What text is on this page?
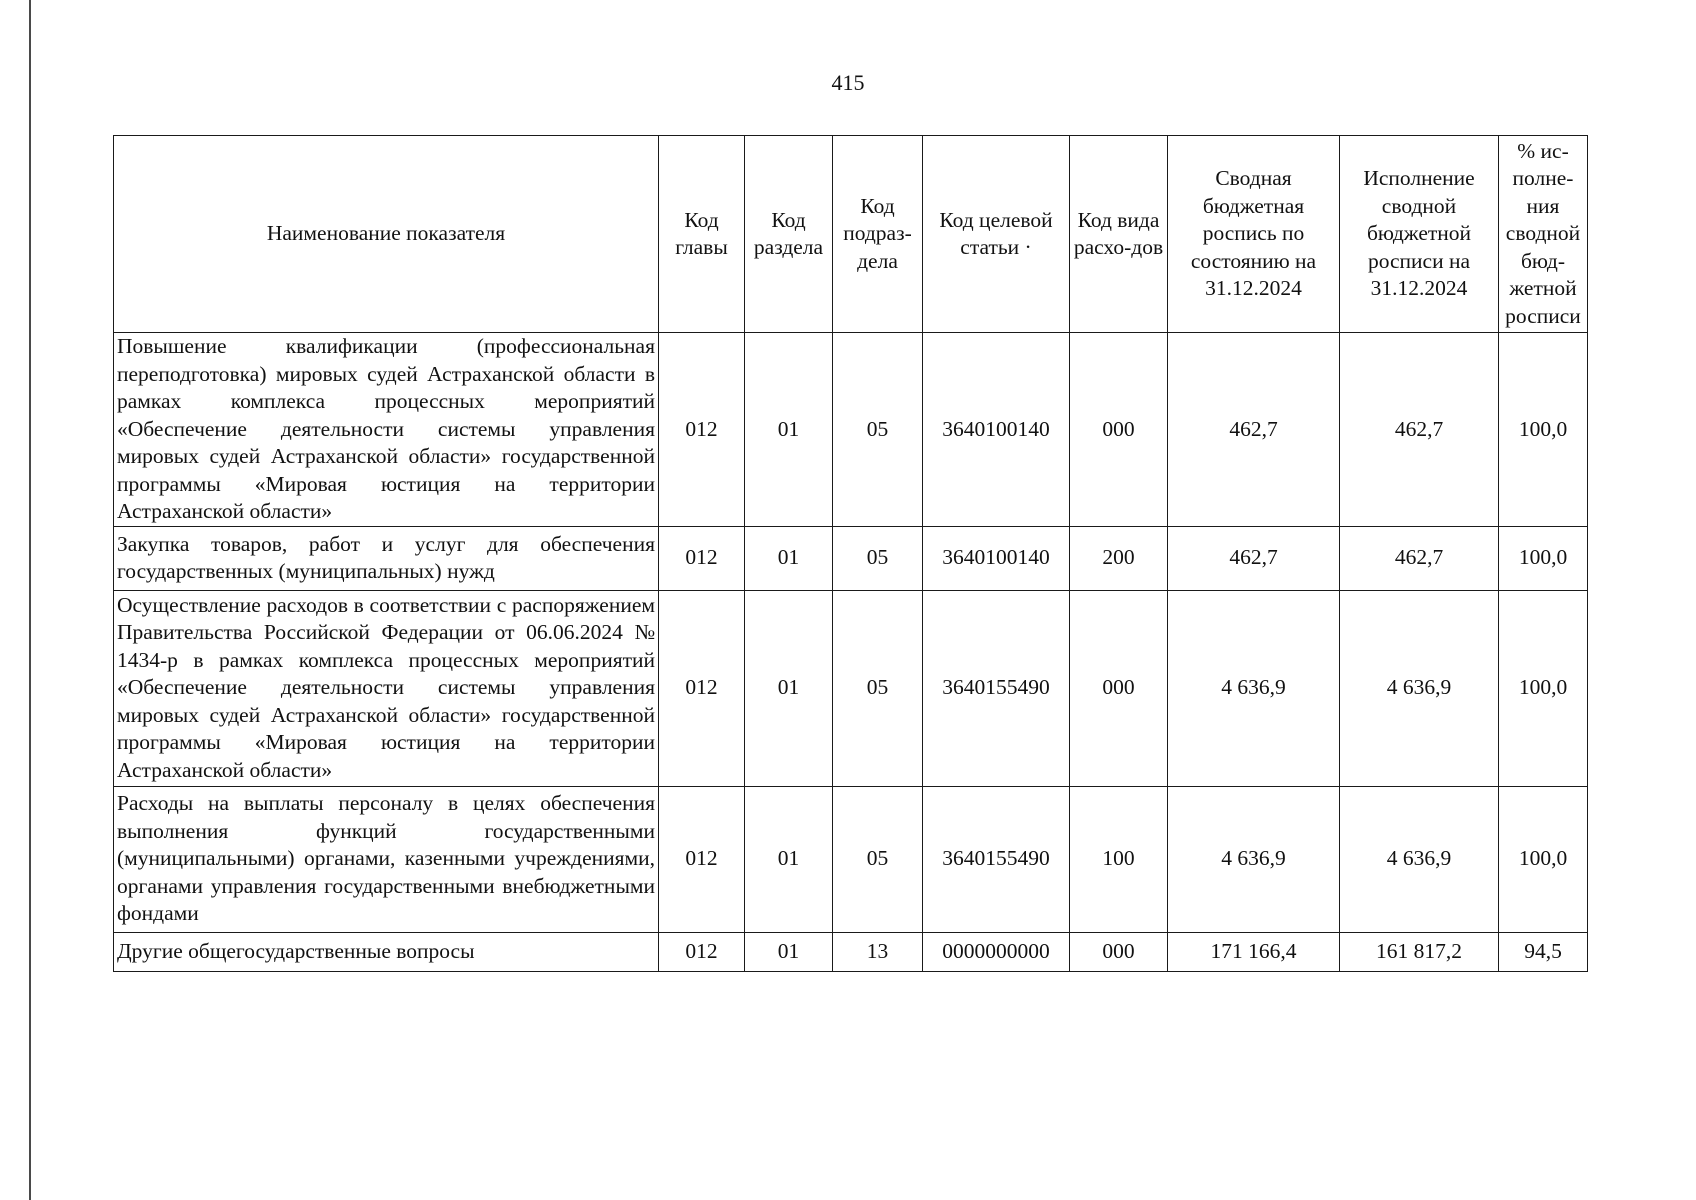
415
Наименование показателя	Код главы	Код раздела	Код подраз-дела	Код целевой статьи ·	Код вида расхо-дов	Сводная бюджетная роспись по состоянию на 31.12.2024	Исполнение сводной бюджетной росписи на 31.12.2024	% ис-полне-ния сводной бюд-жетной росписи
Повышение квалификации (профессиональная переподготовка) мировых судей Астраханской области в рамках комплекса процессных мероприятий «Обеспечение деятельности системы управления мировых судей Астраханской области» государственной программы «Мировая юстиция на территории Астраханской области»	012	01	05	3640100140	000	462,7	462,7	100,0
Закупка товаров, работ и услуг для обеспечения государственных (муниципальных) нужд	012	01	05	3640100140	200	462,7	462,7	100,0
Осуществление расходов в соответствии с распоряжением Правительства Российской Федерации от 06.06.2024 № 1434-р в рамках комплекса процессных мероприятий «Обеспечение деятельности системы управления мировых судей Астраханской области» государственной программы «Мировая юстиция на территории Астраханской области»	012	01	05	3640155490	000	4 636,9	4 636,9	100,0
Расходы на выплаты персоналу в целях обеспечения выполнения функций государственными (муниципальными) органами, казенными учреждениями, органами управления государственными внебюджетными фондами	012	01	05	3640155490	100	4 636,9	4 636,9	100,0
Другие общегосударственные вопросы	012	01	13	0000000000	000	171 166,4	161 817,2	94,5
